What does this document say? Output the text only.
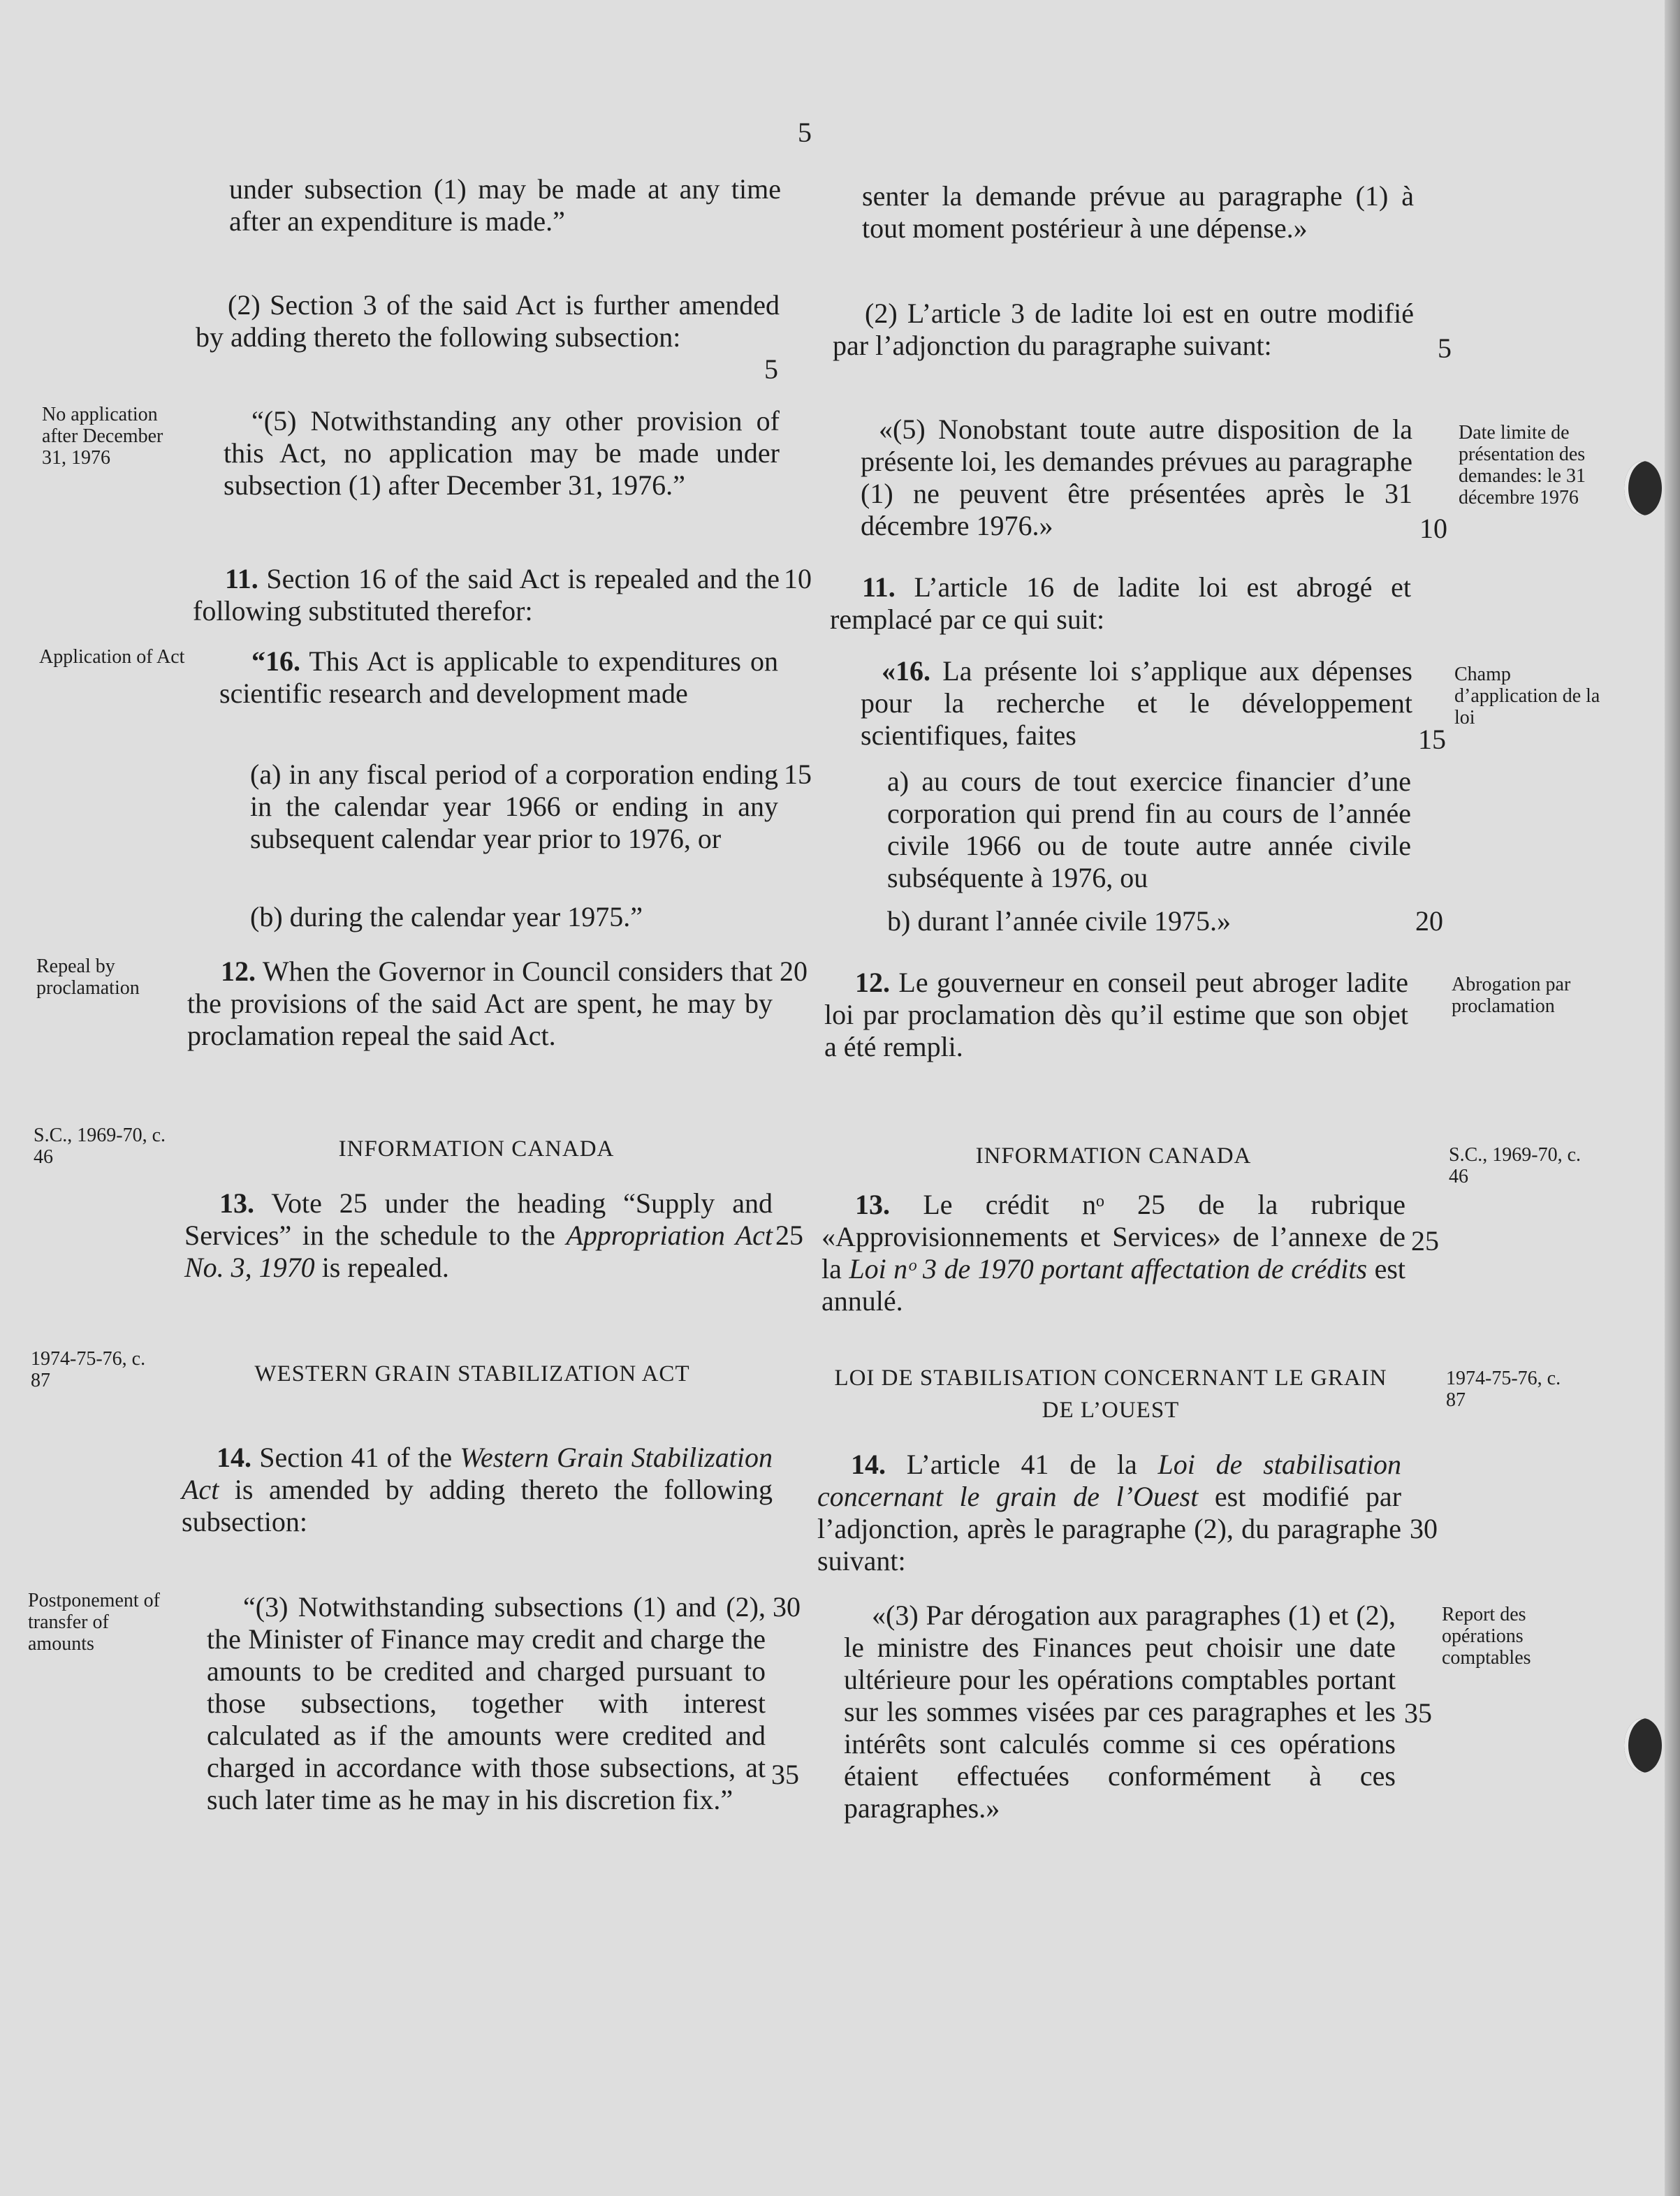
5

No application after December 31, 1976

Application of Act

Repeal by proclamation

S.C., 1969-70, c. 46

1974-75-76, c. 87

Postponement of transfer of amounts

under subsection (1) may be made at any time after an expenditure is made.”

(2) Section 3 of the said Act is further amended by adding thereto the following subsection:

“(5) Notwithstanding any other provision of this Act, no application may be made under subsection (1) after December 31, 1976.”

11. Section 16 of the said Act is repealed and the following substituted therefor:

“16. This Act is applicable to expenditures on scientific research and development made

(a) in any fiscal period of a corporation ending in the calendar year 1966 or ending in any subsequent calendar year prior to 1976, or

(b) during the calendar year 1975.”

12. When the Governor in Council considers that the provisions of the said Act are spent, he may by proclamation repeal the said Act.

INFORMATION CANADA

13. Vote 25 under the heading “Supply and Services” in the schedule to the Appropriation Act No. 3, 1970 is repealed.

WESTERN GRAIN STABILIZATION ACT

14. Section 41 of the Western Grain Stabilization Act is amended by adding thereto the following subsection:

“(3) Notwithstanding subsections (1) and (2), the Minister of Finance may credit and charge the amounts to be credited and charged pursuant to those subsections, together with interest calculated as if the amounts were credited and charged in accordance with those subsections, at such later time as he may in his discretion fix.”

5
10
15
20
25
30
35

senter la demande prévue au paragraphe (1) à tout moment postérieur à une dépense.»

(2) L’article 3 de ladite loi est en outre modifié par l’adjonction du paragraphe suivant:

«(5) Nonobstant toute autre disposition de la présente loi, les demandes prévues au paragraphe (1) ne peuvent être présentées après le 31 décembre 1976.»

11. L’article 16 de ladite loi est abrogé et remplacé par ce qui suit:

«16. La présente loi s’applique aux dépenses pour la recherche et le développement scientifiques, faites

a) au cours de tout exercice financier d’une corporation qui prend fin au cours de l’année civile 1966 ou de toute autre année civile subséquente à 1976, ou

b) durant l’année civile 1975.»

12. Le gouverneur en conseil peut abroger ladite loi par proclamation dès qu’il estime que son objet a été rempli.

INFORMATION CANADA

13. Le crédit nᵒ 25 de la rubrique «Approvisionnements et Services» de l’annexe de la Loi nᵒ 3 de 1970 portant affectation de crédits est annulé.

LOI DE STABILISATION CONCERNANT LE GRAIN DE L’OUEST

14. L’article 41 de la Loi de stabilisation concernant le grain de l’Ouest est modifié par l’adjonction, après le paragraphe (2), du paragraphe suivant:

«(3) Par dérogation aux paragraphes (1) et (2), le ministre des Finances peut choisir une date ultérieure pour les opérations comptables portant sur les sommes visées par ces paragraphes et les intérêts sont calculés comme si ces opérations étaient effectuées conformément à ces paragraphes.»

5
10
15
20
25
30
35

Date limite de présentation des demandes: le 31 décembre 1976

Champ d’application de la loi

Abrogation par proclamation

S.C., 1969-70, c. 46

1974-75-76, c. 87

Report des opérations comptables
